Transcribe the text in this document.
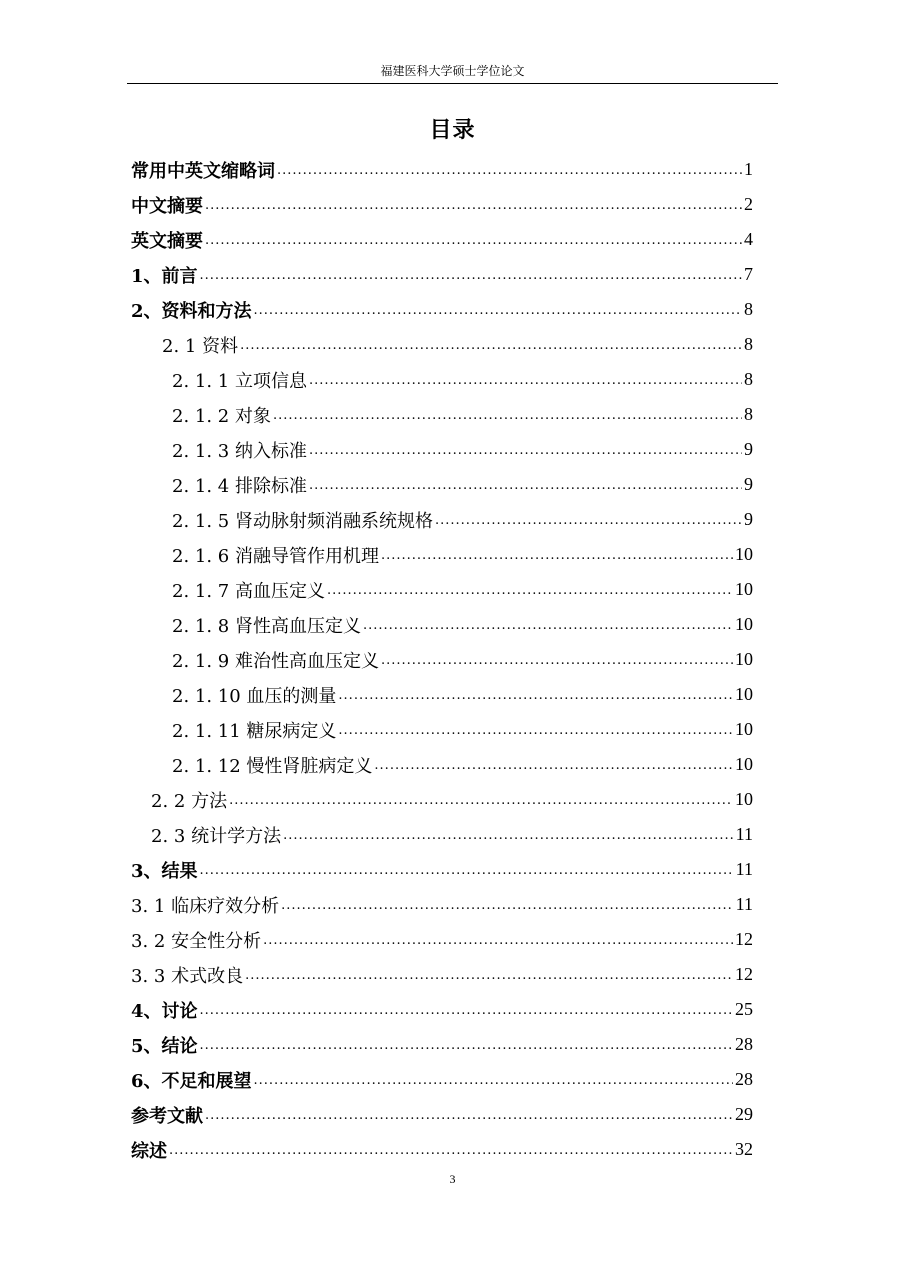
福建医科大学硕士学位论文
目录
常用中英文缩略词 .....	1
中文摘要 .....	2
英文摘要 .....	4
1、前言 .....	7
2、资料和方法 .....	8
2. 1 资料 .....	8
2. 1. 1 立项信息 .....	8
2. 1. 2 对象 .....	8
2. 1. 3 纳入标准 .....	9
2. 1. 4 排除标准 .....	9
2. 1. 5 肾动脉射频消融系统规格 .....	9
2. 1. 6 消融导管作用机理 .....	10
2. 1. 7 高血压定义 .....	10
2. 1. 8 肾性高血压定义 .....	10
2. 1. 9 难治性高血压定义 .....	10
2. 1. 10 血压的测量 .....	10
2. 1. 11 糖尿病定义 .....	10
2. 1. 12 慢性肾脏病定义 .....	10
2. 2 方法 .....	10
2. 3 统计学方法 .....	11
3、结果 .....	11
3. 1 临床疗效分析 .....	11
3. 2 安全性分析 .....	12
3. 3 术式改良 .....	12
4、讨论 .....	25
5、结论 .....	28
6、不足和展望 .....	28
参考文献 .....	29
综述 .....	32
3
